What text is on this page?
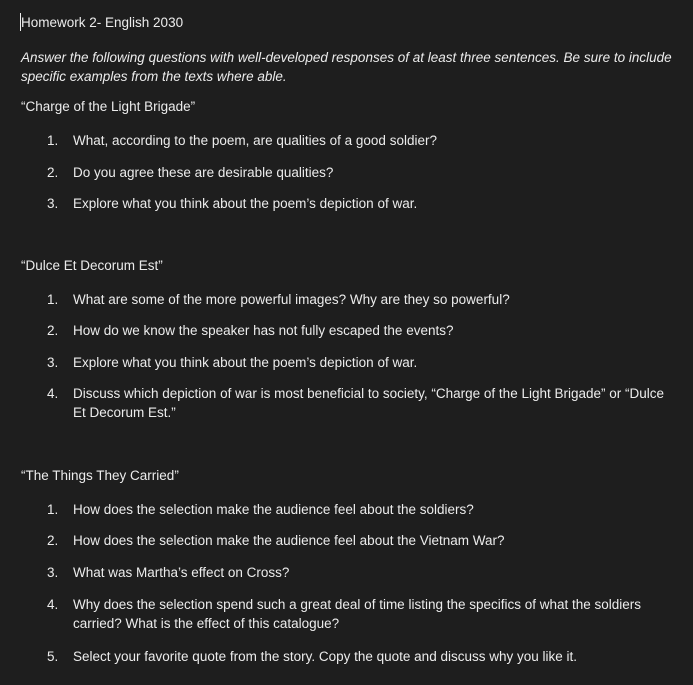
Homework 2- English 2030
Answer the following questions with well-developed responses of at least three sentences. Be sure to include specific examples from the texts where able.
“Charge of the Light Brigade”
1.	What, according to the poem, are qualities of a good soldier?
2.	Do you agree these are desirable qualities?
3.	Explore what you think about the poem’s depiction of war.
“Dulce Et Decorum Est”
1.	What are some of the more powerful images? Why are they so powerful?
2.	How do we know the speaker has not fully escaped the events?
3.	Explore what you think about the poem’s depiction of war.
4.	Discuss which depiction of war is most beneficial to society, “Charge of the Light Brigade” or “Dulce Et Decorum Est.”
“The Things They Carried”
1.	How does the selection make the audience feel about the soldiers?
2.	How does the selection make the audience feel about the Vietnam War?
3.	What was Martha’s effect on Cross?
4.	Why does the selection spend such a great deal of time listing the specifics of what the soldiers carried? What is the effect of this catalogue?
5.	Select your favorite quote from the story. Copy the quote and discuss why you like it.
